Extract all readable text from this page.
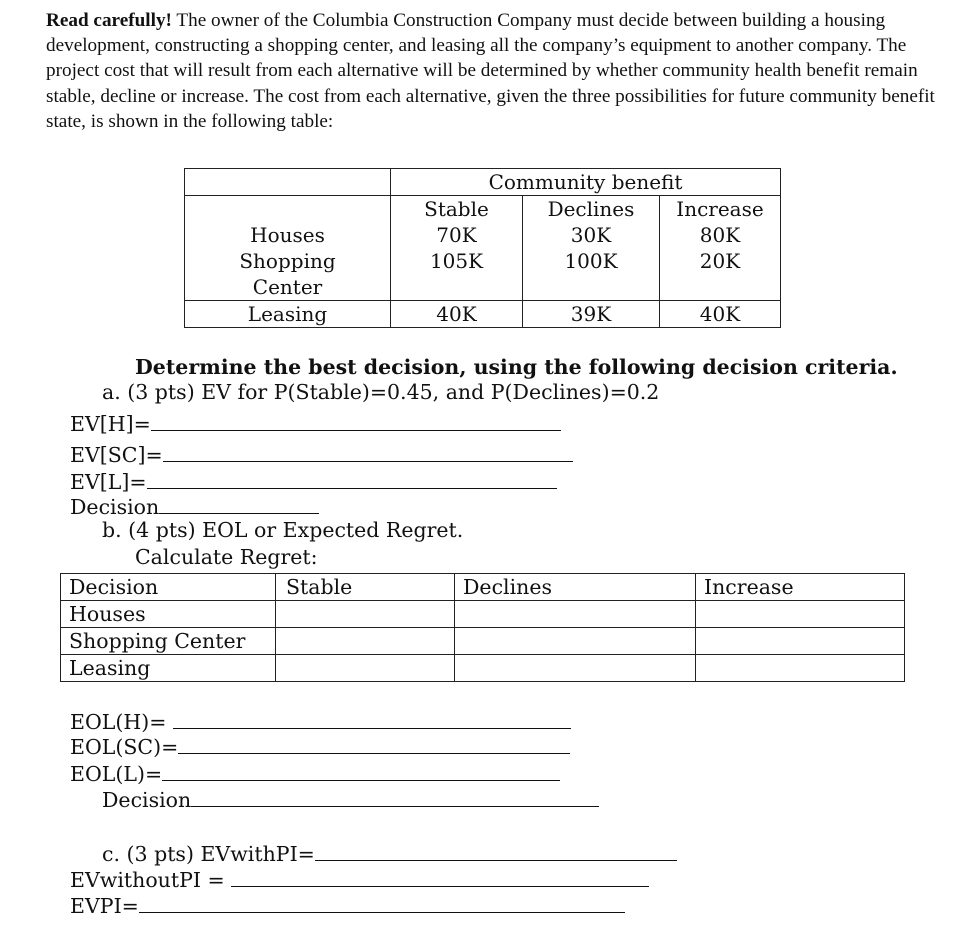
Read carefully! The owner of the Columbia Construction Company must decide between building a housing development, constructing a shopping center, and leasing all the company’s equipment to another company. The project cost that will result from each alternative will be determined by whether community health benefit remain stable, decline or increase. The cost from each alternative, given the three possibilities for future community benefit state, is shown in the following table:
	Community benefit		
	Stable	Declines	Increase
Houses	70K	30K	80K
Shopping
Center	105K	100K	20K
Leasing	40K	39K	40K
Determine the best decision, using the following decision criteria.
a. (3 pts) EV for P(Stable)=0.45, and P(Declines)=0.2
EV[H]=
EV[SC]=
EV[L]=
Decision
b. (4 pts) EOL or Expected Regret.
Calculate Regret:
Decision	Stable	Declines	Increase
Houses			
Shopping Center			
Leasing			
EOL(H)=
EOL(SC)=
EOL(L)=
Decision
c. (3 pts) EVwithPI=
EVwithoutPI =
EVPI=
